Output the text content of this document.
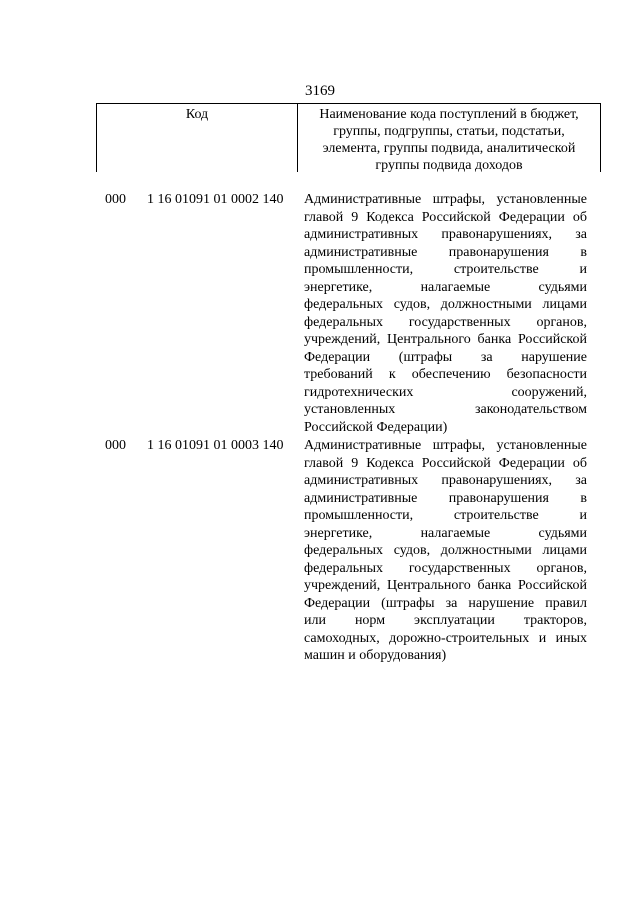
3169
Код	Наименование кода поступлений в бюджет,
группы, подгруппы, статьи, подстатьи,
элемента, группы подвида, аналитической
группы подвида доходов
000 1 16 01091 01 0002 140 Административные штрафы, установленные
главой 9 Кодекса Российской Федерации об
административных правонарушениях, за
административные правонарушения в
промышленности, строительстве и
энергетике, налагаемые судьями
федеральных судов, должностными лицами
федеральных государственных органов,
учреждений, Центрального банка Российской
Федерации (штрафы за нарушение
требований к обеспечению безопасности
гидротехнических сооружений,
установленных законодательством
Российской Федерации)
000 1 16 01091 01 0003 140 Административные штрафы, установленные
главой 9 Кодекса Российской Федерации об
административных правонарушениях, за
административные правонарушения в
промышленности, строительстве и
энергетике, налагаемые судьями
федеральных судов, должностными лицами
федеральных государственных органов,
учреждений, Центрального банка Российской
Федерации (штрафы за нарушение правил
или норм эксплуатации тракторов,
самоходных, дорожно-строительных и иных
машин и оборудования)
